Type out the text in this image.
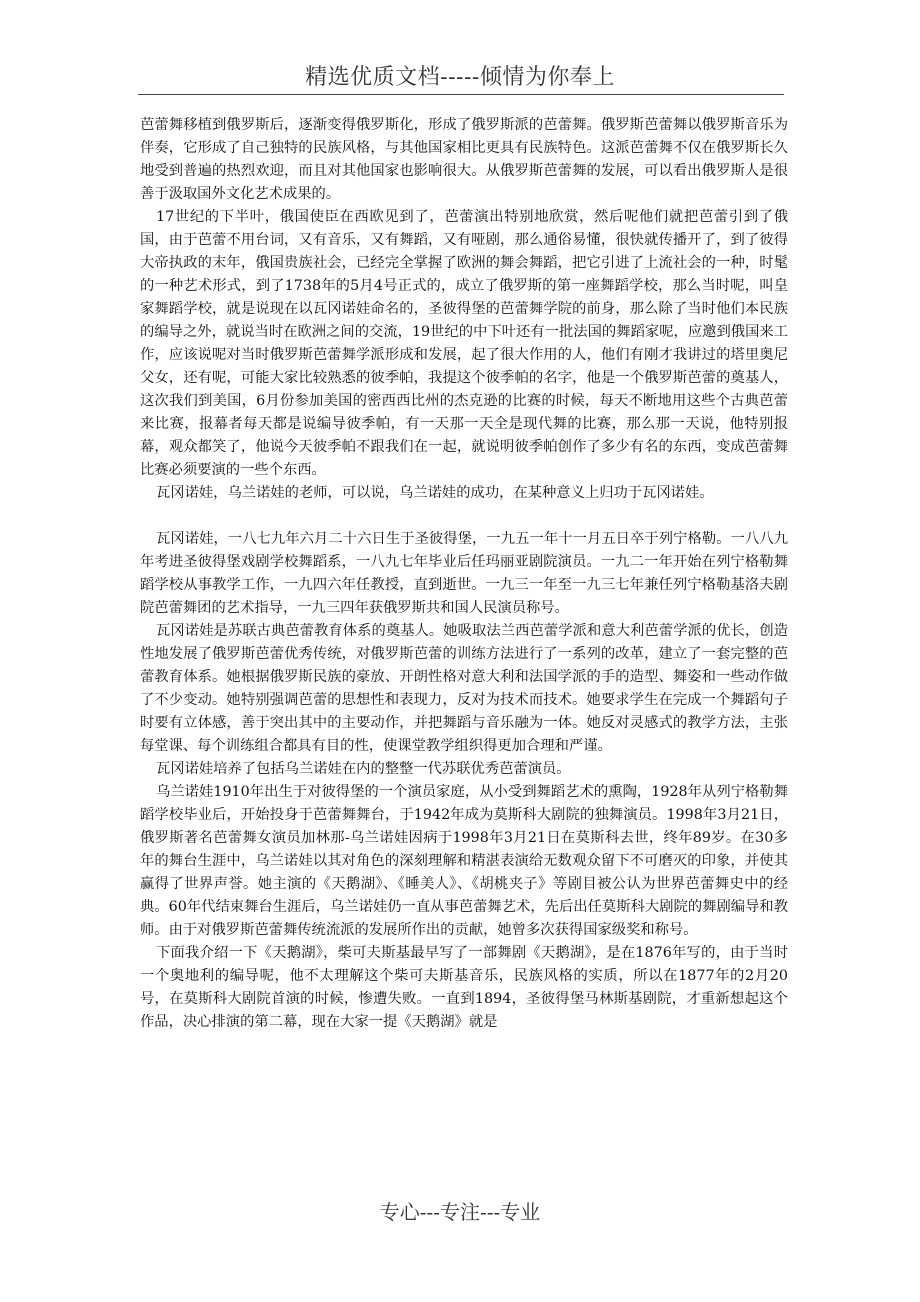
精选优质文档-----倾情为你奉上

芭蕾舞移植到俄罗斯后，逐渐变得俄罗斯化，形成了俄罗斯派的芭蕾舞。俄罗斯芭蕾舞以俄罗斯音乐为伴奏，它形成了自己独特的民族风格，与其他国家相比更具有民族特色。这派芭蕾舞不仅在俄罗斯长久地受到普遍的热烈欢迎，而且对其他国家也影响很大。从俄罗斯芭蕾舞的发展，可以看出俄罗斯人是很善于汲取国外文化艺术成果的。

17世纪的下半叶，俄国使臣在西欧见到了，芭蕾演出特别地欣赏，然后呢他们就把芭蕾引到了俄国，由于芭蕾不用台词，又有音乐，又有舞蹈，又有哑剧，那么通俗易懂，很快就传播开了，到了彼得大帝执政的末年，俄国贵族社会，已经完全掌握了欧洲的舞会舞蹈，把它引进了上流社会的一种，时髦的一种艺术形式，到了1738年的5月4号正式的，成立了俄罗斯的第一座舞蹈学校，那么当时呢，叫皇家舞蹈学校，就是说现在以瓦冈诺娃命名的，圣彼得堡的芭蕾舞学院的前身，那么除了当时他们本民族的编导之外，就说当时在欧洲之间的交流，19世纪的中下叶还有一批法国的舞蹈家呢，应邀到俄国来工作，应该说呢对当时俄罗斯芭蕾舞学派形成和发展，起了很大作用的人，他们有刚才我讲过的塔里奥尼父女，还有呢，可能大家比较熟悉的彼季帕，我提这个彼季帕的名字，他是一个俄罗斯芭蕾的奠基人，这次我们到美国，6月份参加美国的密西西比州的杰克逊的比赛的时候，每天不断地用这些个古典芭蕾来比赛，报幕者每天都是说编导彼季帕，有一天那一天全是现代舞的比赛，那么那一天说，他特别报幕，观众都笑了，他说今天彼季帕不跟我们在一起，就说明彼季帕创作了多少有名的东西，变成芭蕾舞比赛必须要演的一些个东西。

瓦冈诺娃，乌兰诺娃的老师，可以说，乌兰诺娃的成功，在某种意义上归功于瓦冈诺娃。

瓦冈诺娃，一八七九年六月二十六日生于圣彼得堡，一九五一年十一月五日卒于列宁格勒。一八八九年考进圣彼得堡戏剧学校舞蹈系，一八九七年毕业后任玛丽亚剧院演员。一九二一年开始在列宁格勒舞蹈学校从事教学工作，一九四六年任教授，直到逝世。一九三一年至一九三七年兼任列宁格勒基洛夫剧院芭蕾舞团的艺术指导，一九三四年获俄罗斯共和国人民演员称号。

瓦冈诺娃是苏联古典芭蕾教育体系的奠基人。她吸取法兰西芭蕾学派和意大利芭蕾学派的优长，创造性地发展了俄罗斯芭蕾优秀传统，对俄罗斯芭蕾的训练方法进行了一系列的改革，建立了一套完整的芭蕾教育体系。她根据俄罗斯民族的豪放、开朗性格对意大利和法国学派的手的造型、舞姿和一些动作做了不少变动。她特别强调芭蕾的思想性和表现力，反对为技术而技术。她要求学生在完成一个舞蹈句子时要有立体感，善于突出其中的主要动作，并把舞蹈与音乐融为一体。她反对灵感式的教学方法，主张每堂课、每个训练组合都具有目的性，使课堂教学组织得更加合理和严谨。

瓦冈诺娃培养了包括乌兰诺娃在内的整整一代苏联优秀芭蕾演员。

乌兰诺娃1910年出生于对彼得堡的一个演员家庭，从小受到舞蹈艺术的熏陶，1928年从列宁格勒舞蹈学校毕业后，开始投身于芭蕾舞舞台，于1942年成为莫斯科大剧院的独舞演员。1998年3月21日，俄罗斯著名芭蕾舞女演员加林那-乌兰诺娃因病于1998年3月21日在莫斯科去世，终年89岁。在30多年的舞台生涯中，乌兰诺娃以其对角色的深刻理解和精湛表演给无数观众留下不可磨灭的印象，并使其赢得了世界声誉。她主演的《天鹅湖》、《睡美人》、《胡桃夹子》等剧目被公认为世界芭蕾舞史中的经典。60年代结束舞台生涯后，乌兰诺娃仍一直从事芭蕾舞艺术，先后出任莫斯科大剧院的舞剧编导和教师。由于对俄罗斯芭蕾舞传统流派的发展所作出的贡献，她曾多次获得国家级奖和称号。

下面我介绍一下《天鹅湖》，柴可夫斯基最早写了一部舞剧《天鹅湖》，是在1876年写的，由于当时一个奥地利的编导呢，他不太理解这个柴可夫斯基音乐，民族风格的实质，所以在1877年的2月20号，在莫斯科大剧院首演的时候，惨遭失败。一直到1894，圣彼得堡马林斯基剧院，才重新想起这个作品，决心排演的第二幕，现在大家一提《天鹅湖》就是

专心---专注---专业
